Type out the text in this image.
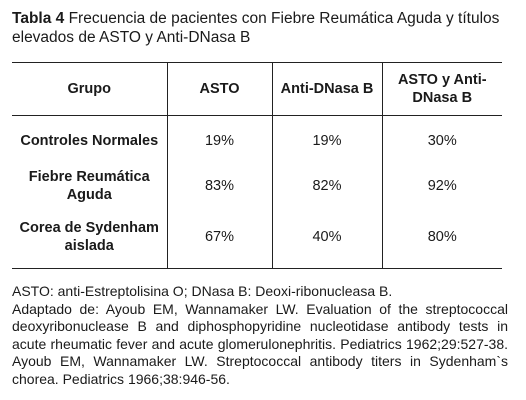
Tabla 4 Frecuencia de pacientes con Fiebre Reumática Aguda y títulos elevados de ASTO y Anti-DNasa B
Grupo	ASTO	Anti-DNasa B	ASTO y Anti-DNasa B
Controles Normales	19%	19%	30%
Fiebre Reumática Aguda	83%	82%	92%
Corea de Sydenham aislada	67%	40%	80%

ASTO: anti-Estreptolisina O; DNasa B: Deoxi-ribonucleasa B.

Adaptado de: Ayoub EM, Wannamaker LW. Evaluation of the streptococcal deoxyribonuclease B and diphosphopyridine nucleotidase antibody tests in acute rheumatic fever and acute glomerulonephritis. Pediatrics 1962;29:527-38. Ayoub EM, Wannamaker LW. Streptococcal antibody titers in Sydenham`s chorea. Pediatrics 1966;38:946-56.
